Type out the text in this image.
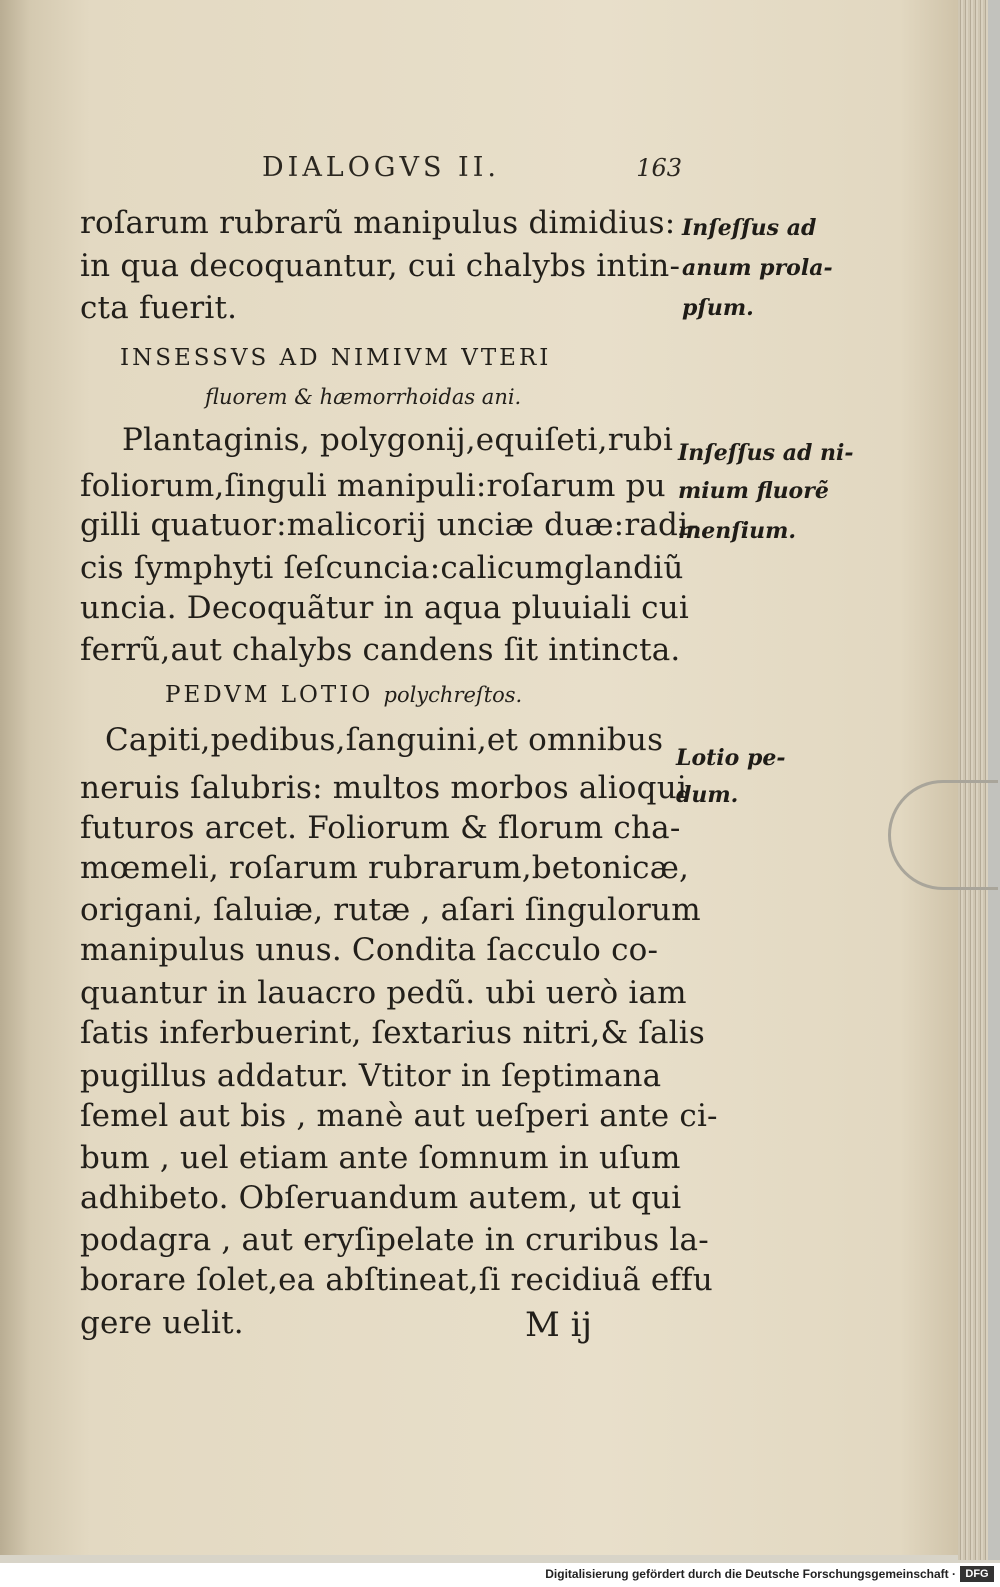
DIALOGVS II.	163
roſarum rubrarũ manipulus dimidius:
in qua decoquantur, cui chalybs intin-
cta fuerit.
Inſeſſus ad
anum prola-
pſum.
INSESSVS AD NIMIVM VTERI
fluorem & hæmorrhoidas ani.
Plantaginis, polygonij,equiſeti,rubi
foliorum,ſinguli manipuli:roſarum pu
gilli quatuor:malicorij unciæ duæ:radi-
cis ſymphyti ſeſcuncia:calicumglandiũ
uncia. Decoquãtur in aqua pluuiali cui
ferrũ,aut chalybs candens ſit intincta.
Inſeſſus ad ni-
mium fluorẽ
menſium.
PEDVM LOTIO polychreſtos.
Capiti,pedibus,ſanguini,et omnibus
neruis ſalubris: multos morbos alioqui
futuros arcet. Foliorum & florum cha-
mœmeli, roſarum rubrarum,betonicæ,
origani, ſaluiæ, rutæ , aſari ſingulorum
manipulus unus. Condita ſacculo co-
quantur in lauacro pedũ. ubi uerò iam
ſatis inferbuerint, ſextarius nitri,& ſalis
pugillus addatur. Vtitor in ſeptimana
ſemel aut bis , manè aut ueſperi ante ci-
bum , uel etiam ante ſomnum in uſum
adhibeto. Obſeruandum autem, ut qui
podagra , aut eryſipelate in cruribus la-
borare ſolet,ea abſtineat,ſi recidiuã effu
gere uelit.
Lotio pe-
dum.
M ij
Digitalisierung gefördert durch die Deutsche Forschungsgemeinschaft · DFG
